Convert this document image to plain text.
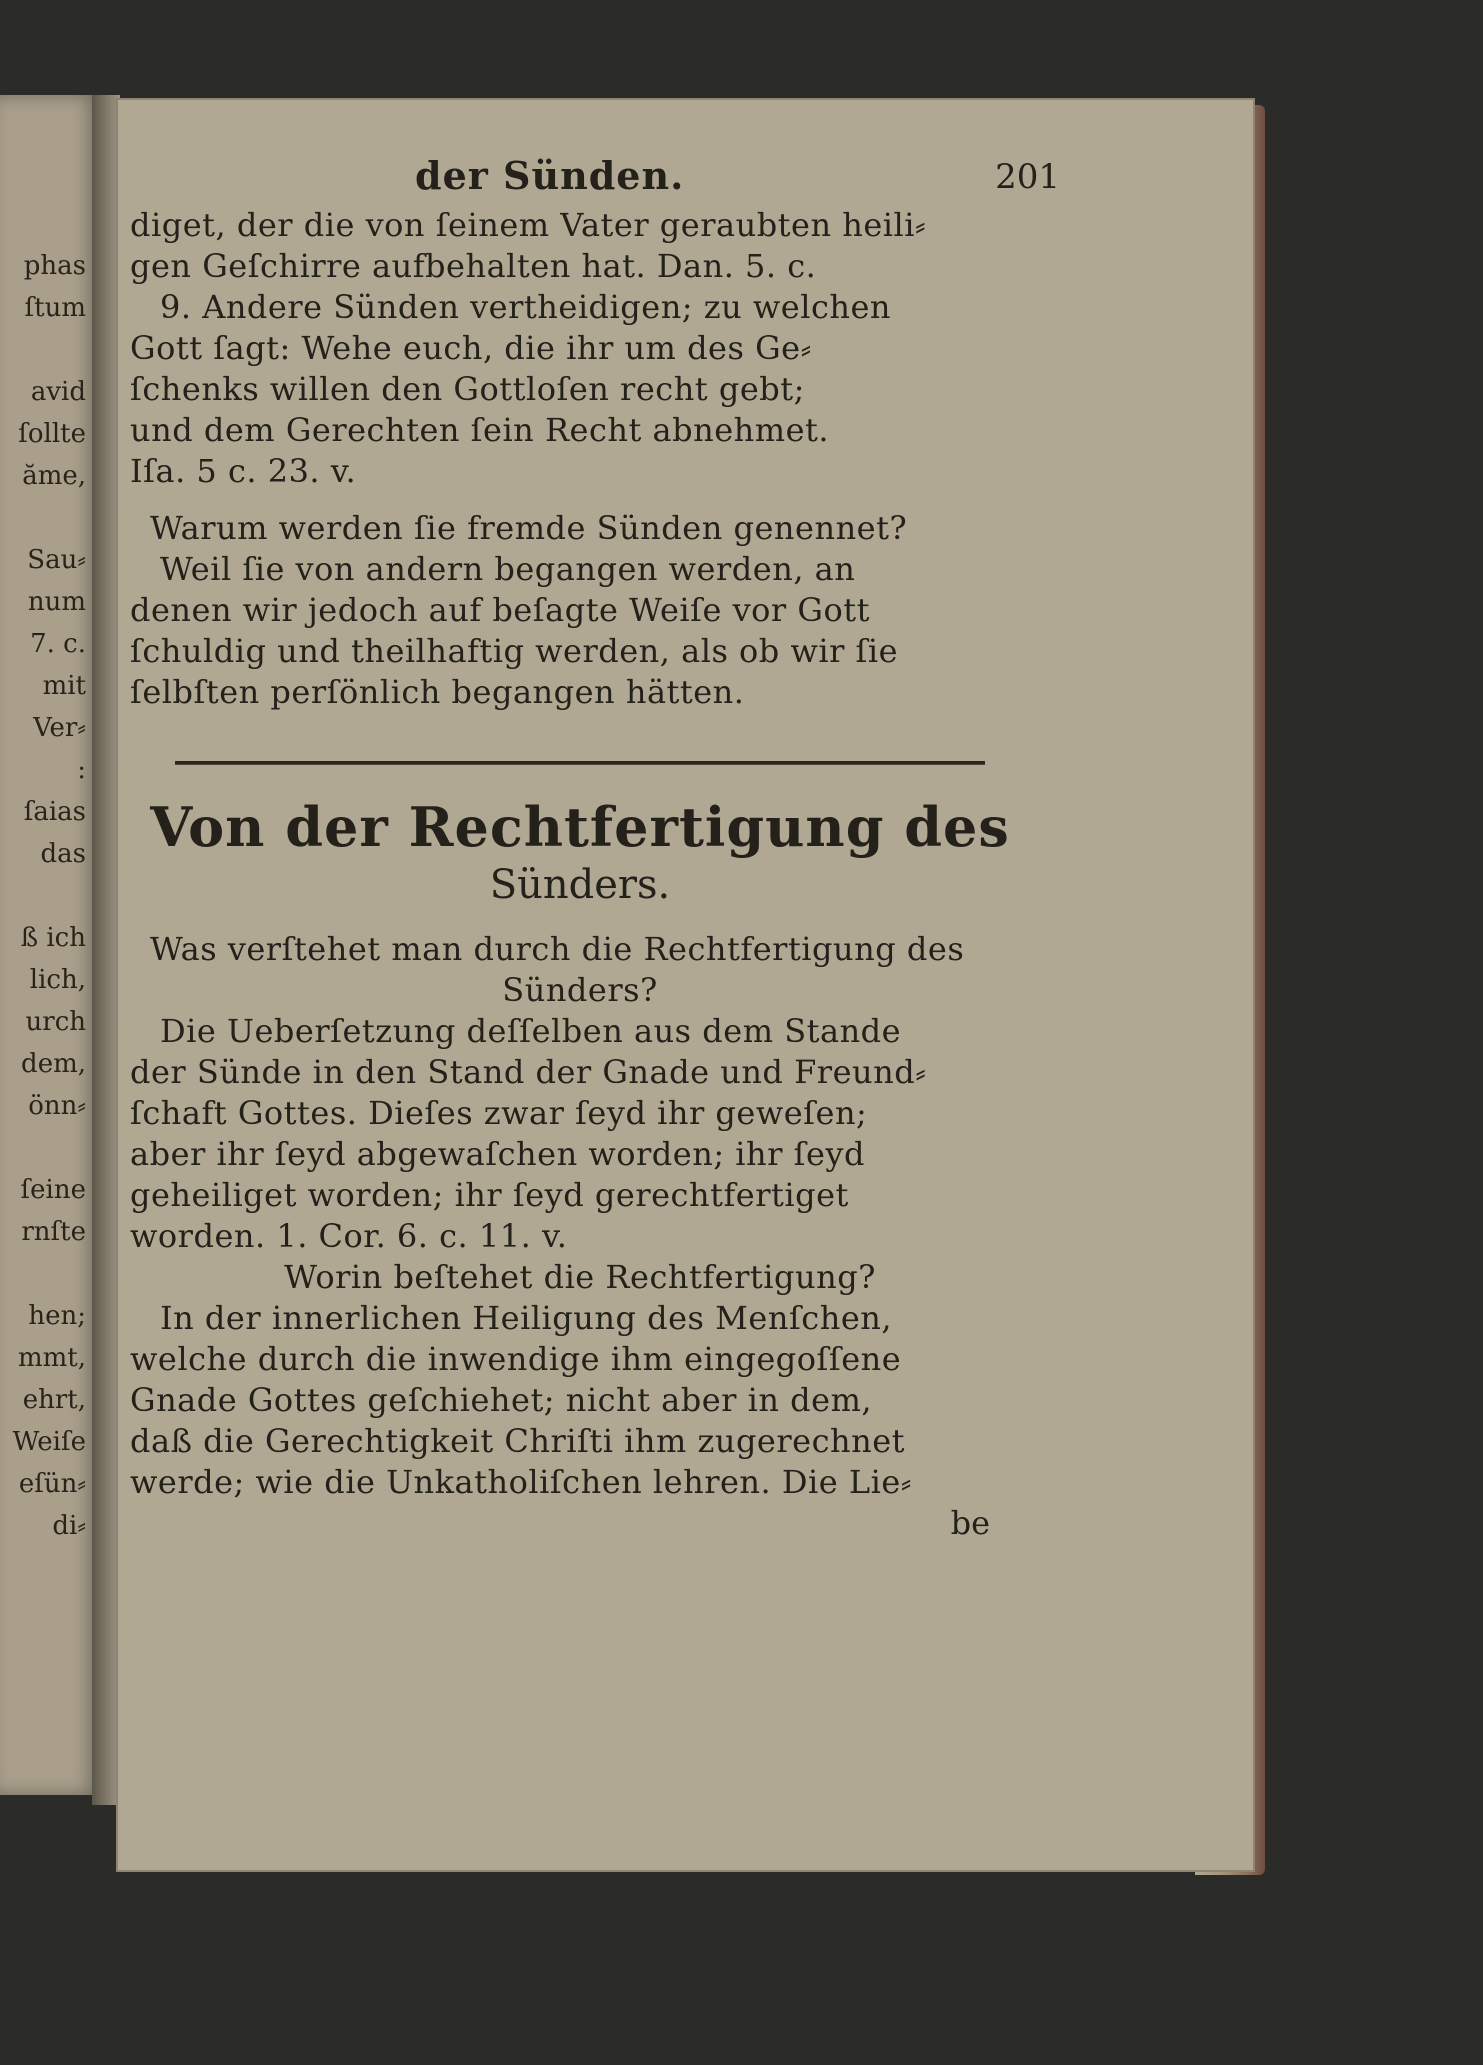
phas
ſtum
avid
ſollte
ăme,
Sau⸗
num
7. c.
mit
Ver⸗
:
ſaias
das
ß ich
lich,
urch
dem,
önn⸗
ſeine
rnſte
hen;
mmt,
ehrt,
Weiſe
eſün⸗
di⸗
der Sünden.	201
diget, der die von ſeinem Vater geraubten heili⸗
gen Geſchirre aufbehalten hat. Dan. 5. c.
9. Andere Sünden vertheidigen; zu welchen
Gott ſagt: Wehe euch, die ihr um des Ge⸗
ſchenks willen den Gottloſen recht gebt;
und dem Gerechten ſein Recht abnehmet.
Iſa. 5 c. 23. v.
Warum werden ſie fremde Sünden genennet?
Weil ſie von andern begangen werden, an
denen wir jedoch auf beſagte Weiſe vor Gott
ſchuldig und theilhaftig werden, als ob wir ſie
ſelbſten perſönlich begangen hätten.
Von der Rechtfertigung des
Sünders.
Was verſtehet man durch die Rechtfertigung des
Sünders?
Die Ueberſetzung deſſelben aus dem Stande
der Sünde in den Stand der Gnade und Freund⸗
ſchaft Gottes. Dieſes zwar ſeyd ihr geweſen;
aber ihr ſeyd abgewaſchen worden; ihr ſeyd
geheiliget worden; ihr ſeyd gerechtfertiget
worden. 1. Cor. 6. c. 11. v.
Worin beſtehet die Rechtfertigung?
In der innerlichen Heiligung des Menſchen,
welche durch die inwendige ihm eingegoſſene
Gnade Gottes geſchiehet; nicht aber in dem,
daß die Gerechtigkeit Chriſti ihm zugerechnet
werde; wie die Unkatholiſchen lehren. Die Lie⸗
be
